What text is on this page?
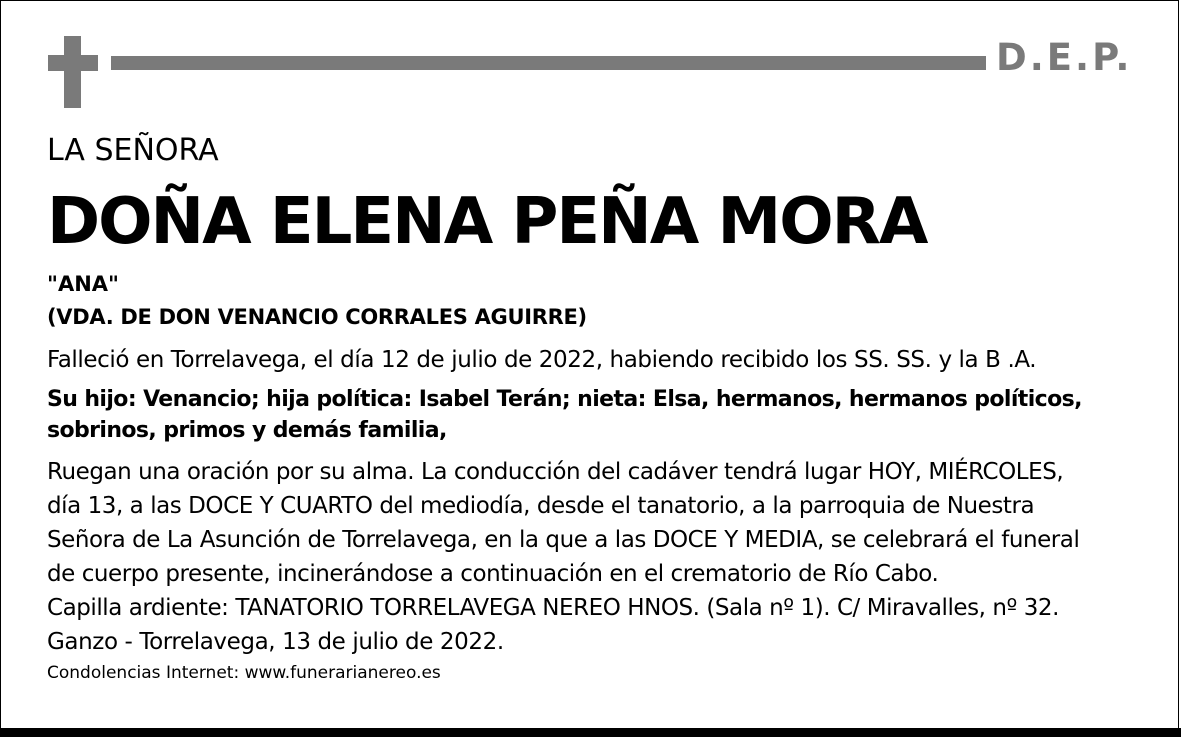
D.E.P.
LA SEÑORA
DOÑA ELENA PEÑA MORA
"ANA"
(VDA. DE DON VENANCIO CORRALES AGUIRRE)
Falleció en Torrelavega, el día 12 de julio de 2022, habiendo recibido los SS. SS. y la B .A.
Su hijo: Venancio; hija política: Isabel Terán; nieta: Elsa, hermanos, hermanos políticos,
sobrinos, primos y demás familia,
Ruegan una oración por su alma. La conducción del cadáver tendrá lugar HOY, MIÉRCOLES,
día 13, a las DOCE Y CUARTO del mediodía, desde el tanatorio, a la parroquia de Nuestra
Señora de La Asunción de Torrelavega, en la que a las DOCE Y MEDIA, se celebrará el funeral
de cuerpo presente, incinerándose a continuación en el crematorio de Río Cabo.
Capilla ardiente: TANATORIO TORRELAVEGA NEREO HNOS. (Sala nº 1). C/ Miravalles, nº 32.
Ganzo - Torrelavega, 13 de julio de 2022.
Condolencias Internet: www.funerarianereo.es
